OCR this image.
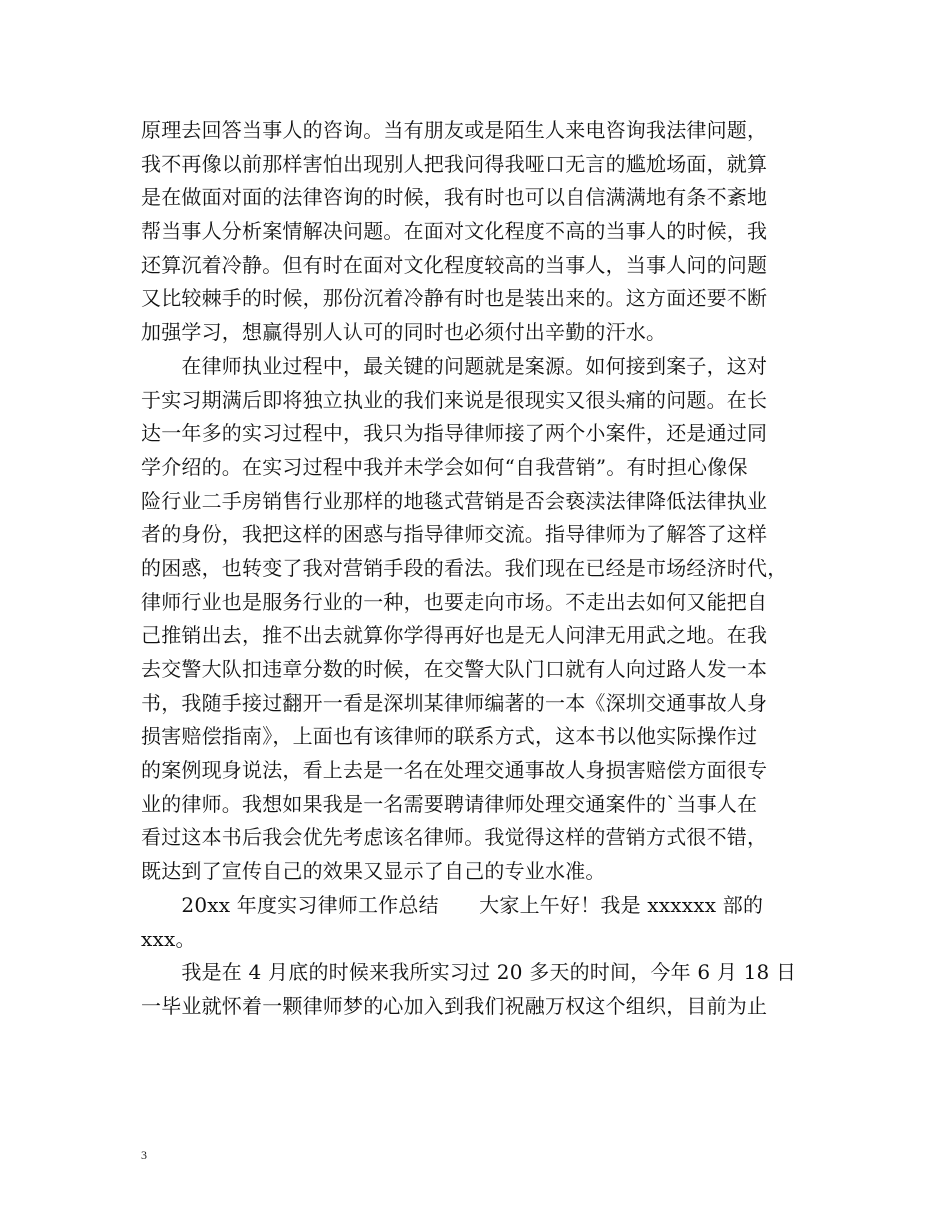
原理去回答当事人的咨询。当有朋友或是陌生人来电咨询我法律问题，
我不再像以前那样害怕出现别人把我问得我哑口无言的尴尬场面，就算
是在做面对面的法律咨询的时候，我有时也可以自信满满地有条不紊地
帮当事人分析案情解决问题。在面对文化程度不高的当事人的时候，我
还算沉着冷静。但有时在面对文化程度较高的当事人，当事人问的问题
又比较棘手的时候，那份沉着冷静有时也是装出来的。这方面还要不断
加强学习，想赢得别人认可的同时也必须付出辛勤的汗水。
　　在律师执业过程中，最关键的问题就是案源。如何接到案子，这对
于实习期满后即将独立执业的我们来说是很现实又很头痛的问题。在长
达一年多的实习过程中，我只为指导律师接了两个小案件，还是通过同
学介绍的。在实习过程中我并未学会如何“自我营销”。有时担心像保
险行业二手房销售行业那样的地毯式营销是否会亵渎法律降低法律执业
者的身份，我把这样的困惑与指导律师交流。指导律师为了解答了这样
的困惑，也转变了我对营销手段的看法。我们现在已经是市场经济时代，
律师行业也是服务行业的一种，也要走向市场。不走出去如何又能把自
己推销出去，推不出去就算你学得再好也是无人问津无用武之地。在我
去交警大队扣违章分数的时候，在交警大队门口就有人向过路人发一本
书，我随手接过翻开一看是深圳某律师编著的一本《深圳交通事故人身
损害赔偿指南》，上面也有该律师的联系方式，这本书以他实际操作过
的案例现身说法，看上去是一名在处理交通事故人身损害赔偿方面很专
业的律师。我想如果我是一名需要聘请律师处理交通案件的`当事人在
看过这本书后我会优先考虑该名律师。我觉得这样的营销方式很不错，
既达到了宣传自己的效果又显示了自己的专业水准。
　　20xx 年度实习律师工作总结　　大家上午好！我是 xxxxxx 部的
xxx。
　　我是在 4 月底的时候来我所实习过 20 多天的时间，今年 6 月 18 日
一毕业就怀着一颗律师梦的心加入到我们祝融万权这个组织，目前为止
3
